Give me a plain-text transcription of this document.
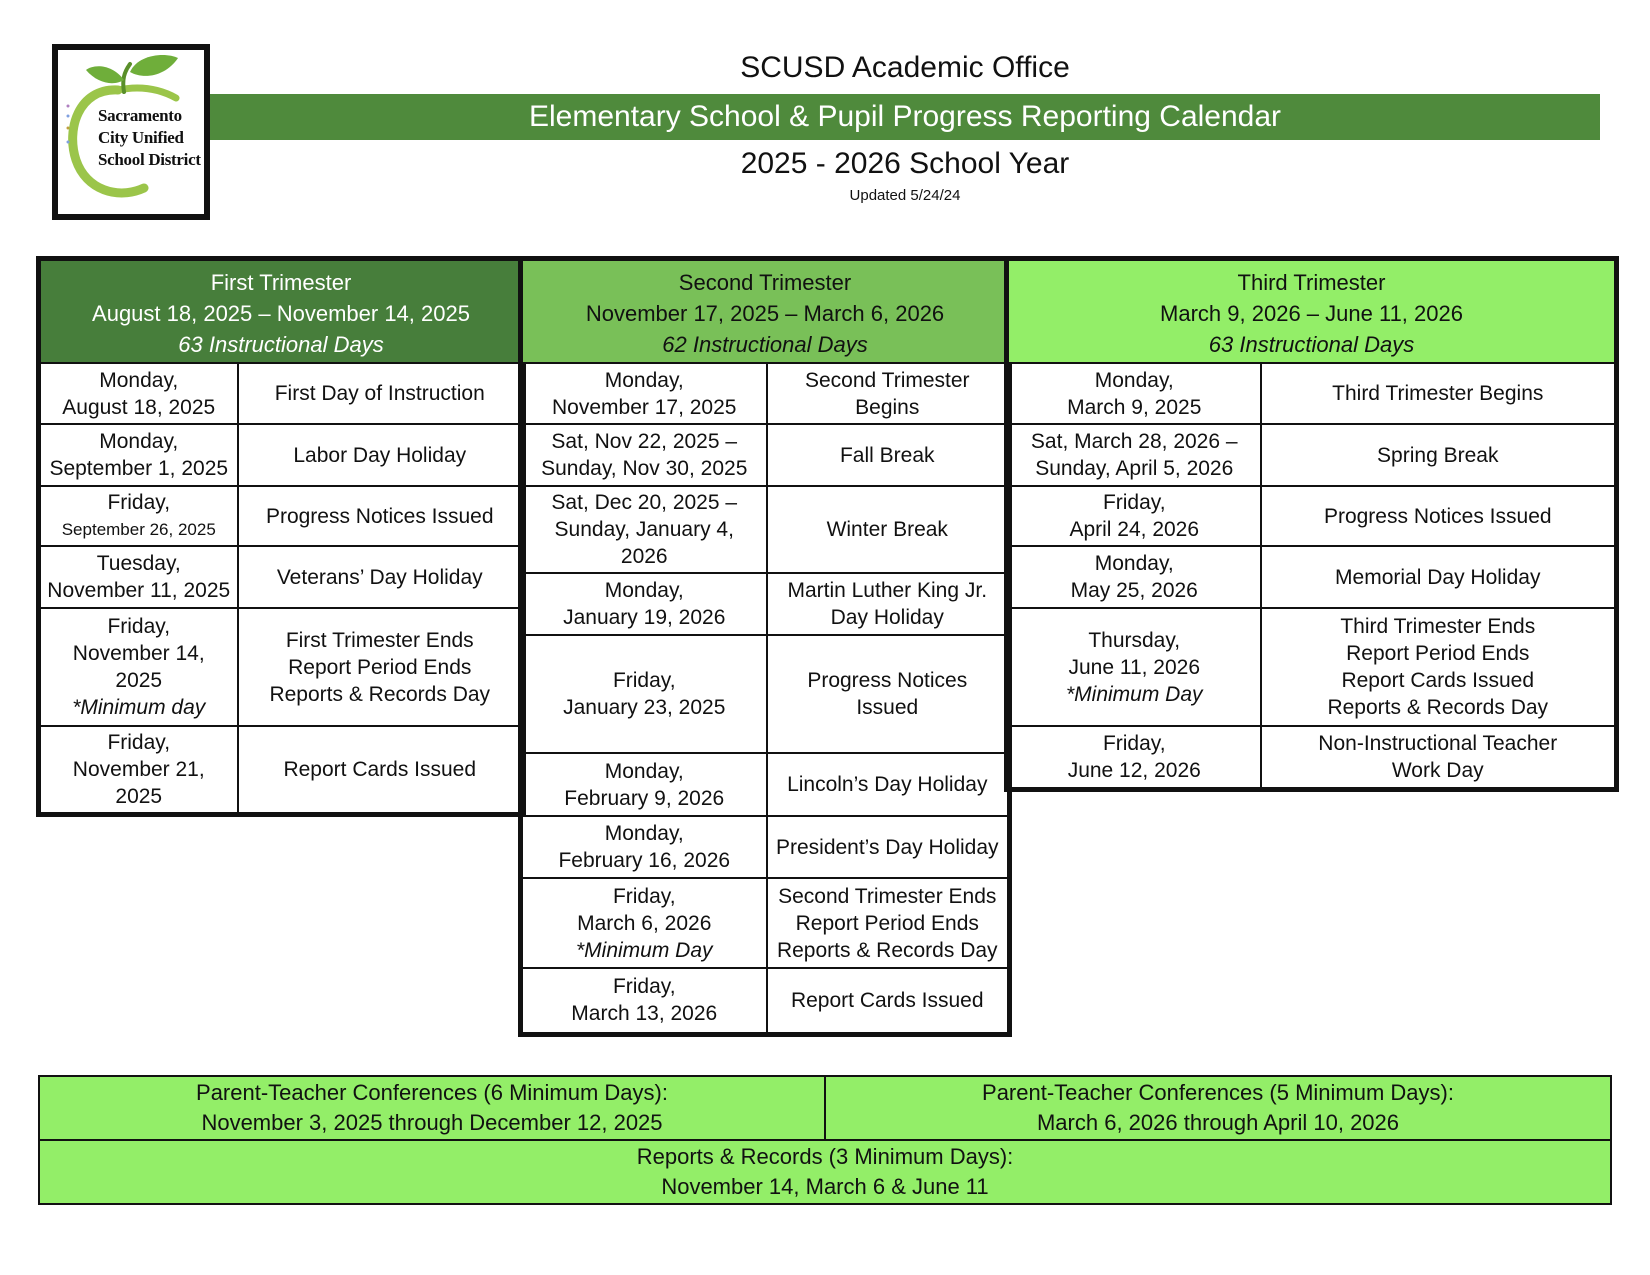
Sacramento
City Unified
School District
SCUSD Academic Office
Elementary School & Pupil Progress Reporting Calendar
2025 - 2026 School Year
Updated 5/24/24
First Trimester
August 18, 2025 – November 14, 2025
63 Instructional Days	

Monday,
August 18, 2025	First Day of Instruction

Monday,
September 1, 2025	Labor Day Holiday

Friday,
September 26, 2025	Progress Notices Issued

Tuesday,
November 11, 2025	Veterans’ Day Holiday

Friday,
November 14, 2025
*Minimum day	First Trimester Ends
Report Period Ends
Reports & Records Day

Friday,
November 21, 2025	Report Cards Issued
Second Trimester
November 17, 2025 – March 6, 2026
62 Instructional Days	

Monday,
November 17, 2025	Second Trimester Begins

Sat, Nov 22, 2025 –
Sunday, Nov 30, 2025	Fall Break

Sat, Dec 20, 2025 –
Sunday, January 4, 2026	Winter Break

Monday,
January 19, 2026	Martin Luther King Jr.
Day Holiday

Friday,
January 23, 2025	Progress Notices Issued

Monday,
February 9, 2026	Lincoln’s Day Holiday

Monday,
February 16, 2026	President’s Day Holiday

Friday,
March 6, 2026
*Minimum Day	Second Trimester Ends
Report Period Ends
Reports & Records Day

Friday,
March 13, 2026	Report Cards Issued
Third Trimester
March 9, 2026 – June 11, 2026
63 Instructional Days	

Monday,
March 9, 2025	Third Trimester Begins

Sat, March 28, 2026 –
Sunday, April 5, 2026	Spring Break

Friday,
April 24, 2026	Progress Notices Issued

Monday,
May 25, 2026	Memorial Day Holiday

Thursday,
June 11, 2026
*Minimum Day	Third Trimester Ends
Report Period Ends
Report Cards Issued
Reports & Records Day

Friday,
June 12, 2026	Non-Instructional Teacher
Work Day
Parent-Teacher Conferences (6 Minimum Days):
November 3, 2025 through December 12, 2025

Parent-Teacher Conferences (5 Minimum Days):
March 6, 2026 through April 10, 2026

Reports & Records (3 Minimum Days):
November 14, March 6 & June 11
